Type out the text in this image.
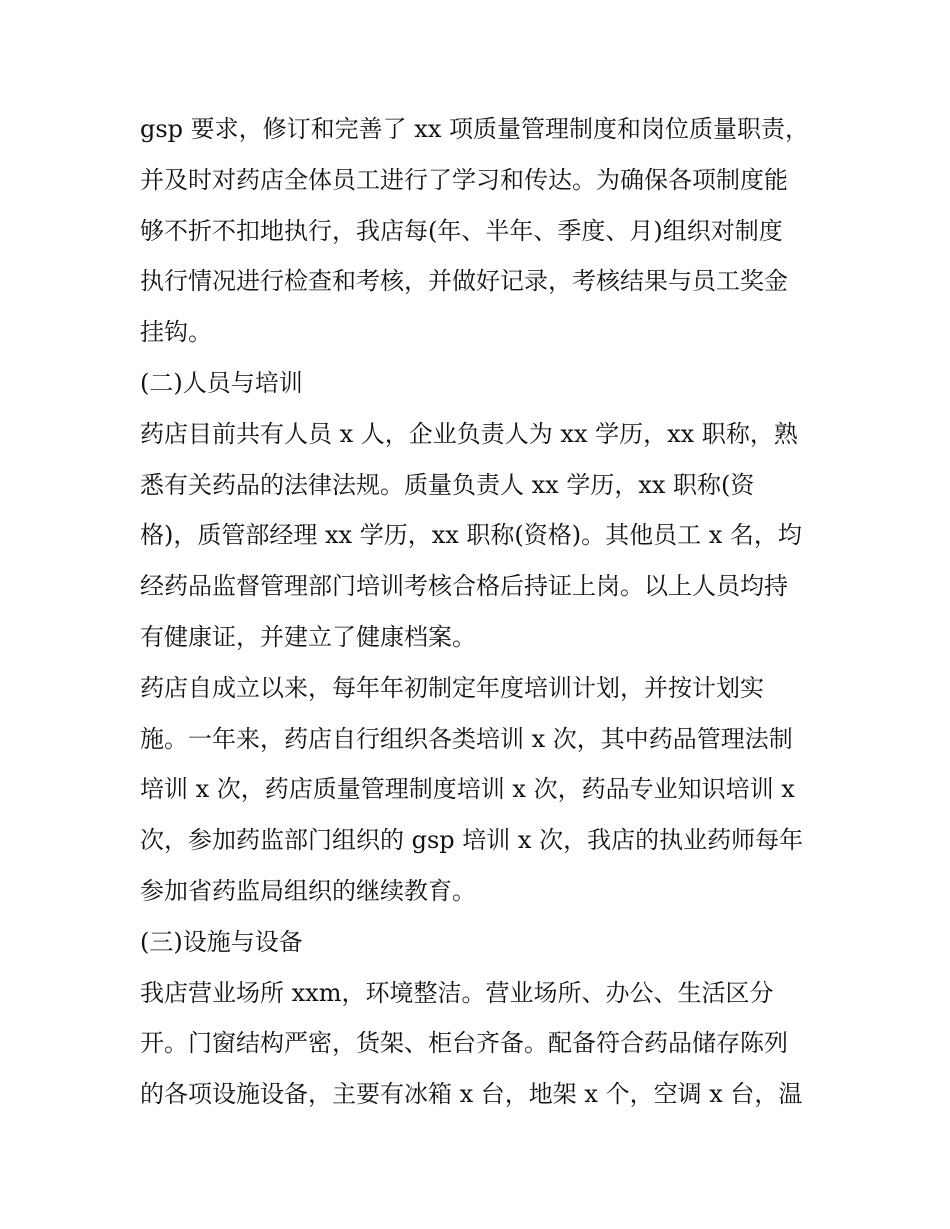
gsp 要求，修订和完善了 xx 项质量管理制度和岗位质量职责，
并及时对药店全体员工进行了学习和传达。为确保各项制度能
够不折不扣地执行，我店每(年、半年、季度、月)组织对制度
执行情况进行检查和考核，并做好记录，考核结果与员工奖金
挂钩。
(二)人员与培训
药店目前共有人员 x 人，企业负责人为 xx 学历，xx 职称，熟
悉有关药品的法律法规。质量负责人 xx 学历，xx 职称(资
格)，质管部经理 xx 学历，xx 职称(资格)。其他员工 x 名，均
经药品监督管理部门培训考核合格后持证上岗。以上人员均持
有健康证，并建立了健康档案。
药店自成立以来，每年年初制定年度培训计划，并按计划实
施。一年来，药店自行组织各类培训 x 次，其中药品管理法制
培训 x 次，药店质量管理制度培训 x 次，药品专业知识培训 x
次，参加药监部门组织的 gsp 培训 x 次，我店的执业药师每年
参加省药监局组织的继续教育。
(三)设施与设备
我店营业场所 xxm，环境整洁。营业场所、办公、生活区分
开。门窗结构严密，货架、柜台齐备。配备符合药品储存陈列
的各项设施设备，主要有冰箱 x 台，地架 x 个，空调 x 台，温
